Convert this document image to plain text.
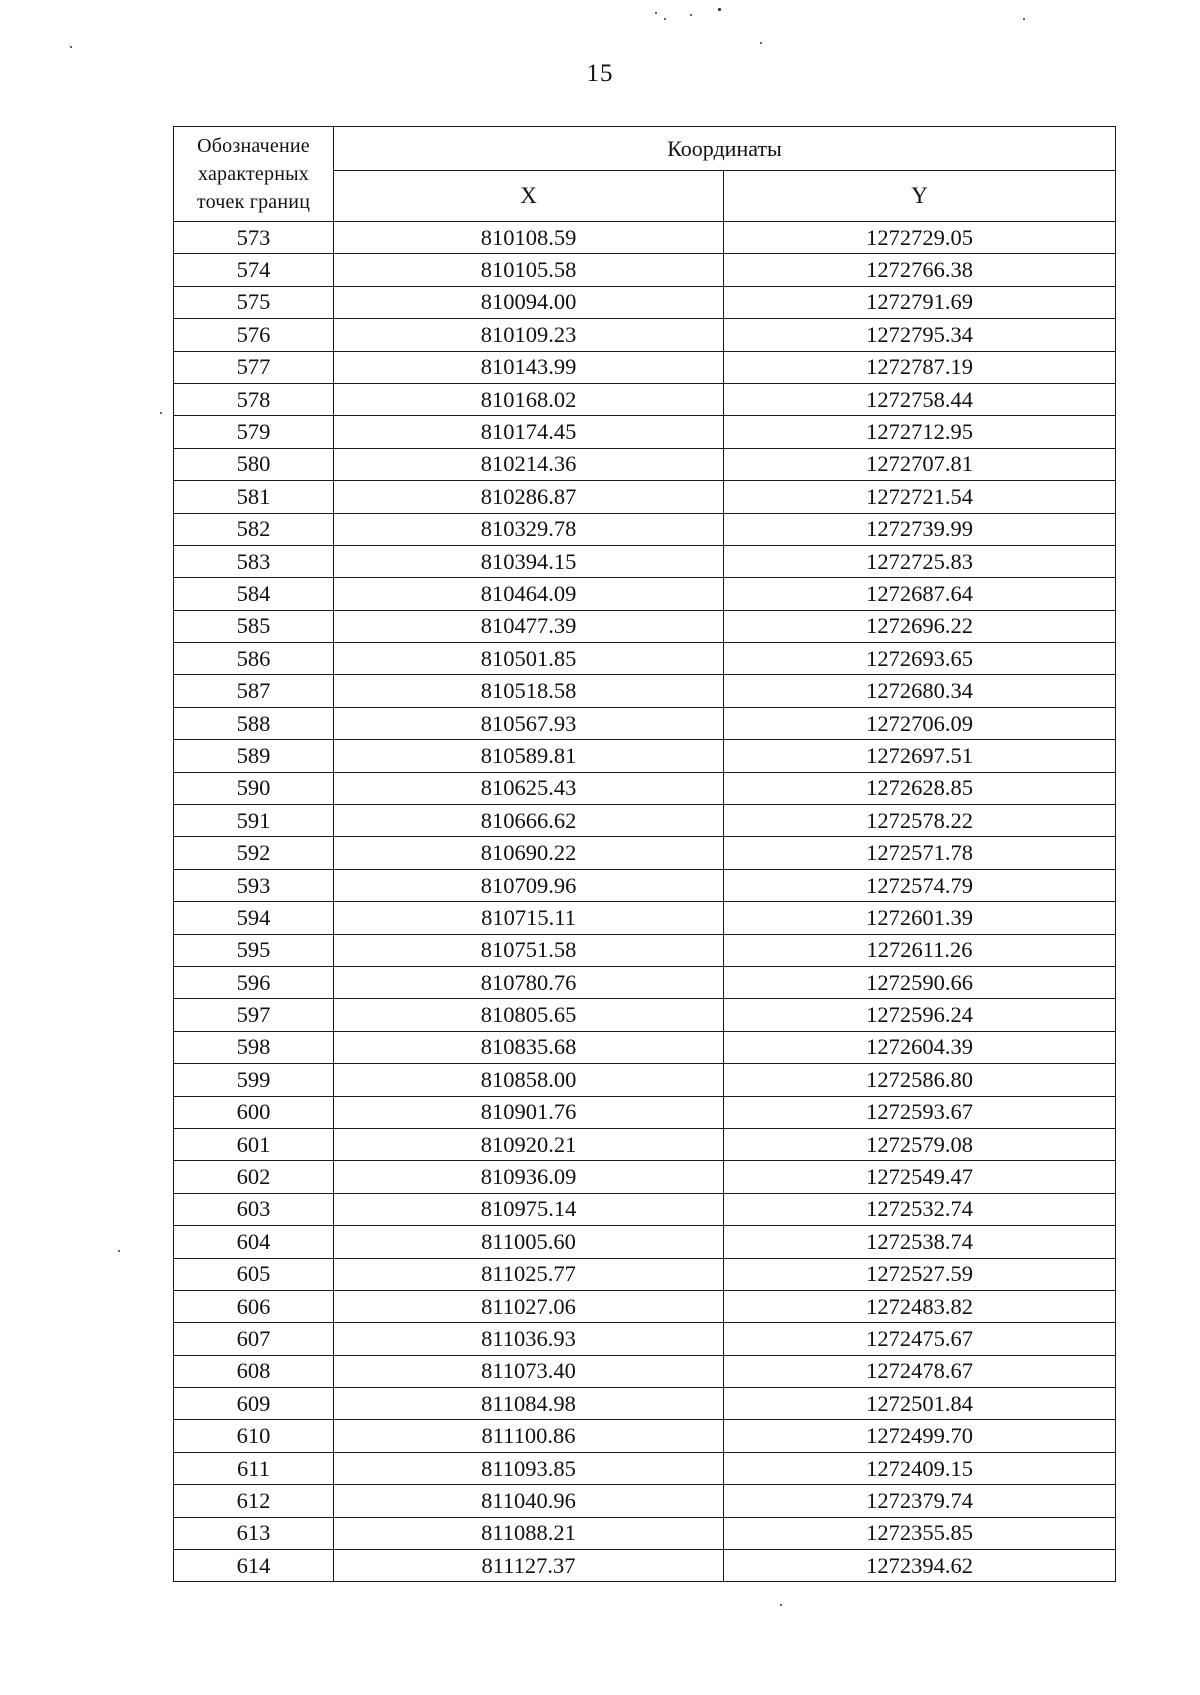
15
Обозначение характерных точек границ	Координаты	
	X	Y
573	810108.59	1272729.05
574	810105.58	1272766.38
575	810094.00	1272791.69
576	810109.23	1272795.34
577	810143.99	1272787.19
578	810168.02	1272758.44
579	810174.45	1272712.95
580	810214.36	1272707.81
581	810286.87	1272721.54
582	810329.78	1272739.99
583	810394.15	1272725.83
584	810464.09	1272687.64
585	810477.39	1272696.22
586	810501.85	1272693.65
587	810518.58	1272680.34
588	810567.93	1272706.09
589	810589.81	1272697.51
590	810625.43	1272628.85
591	810666.62	1272578.22
592	810690.22	1272571.78
593	810709.96	1272574.79
594	810715.11	1272601.39
595	810751.58	1272611.26
596	810780.76	1272590.66
597	810805.65	1272596.24
598	810835.68	1272604.39
599	810858.00	1272586.80
600	810901.76	1272593.67
601	810920.21	1272579.08
602	810936.09	1272549.47
603	810975.14	1272532.74
604	811005.60	1272538.74
605	811025.77	1272527.59
606	811027.06	1272483.82
607	811036.93	1272475.67
608	811073.40	1272478.67
609	811084.98	1272501.84
610	811100.86	1272499.70
611	811093.85	1272409.15
612	811040.96	1272379.74
613	811088.21	1272355.85
614	811127.37	1272394.62
